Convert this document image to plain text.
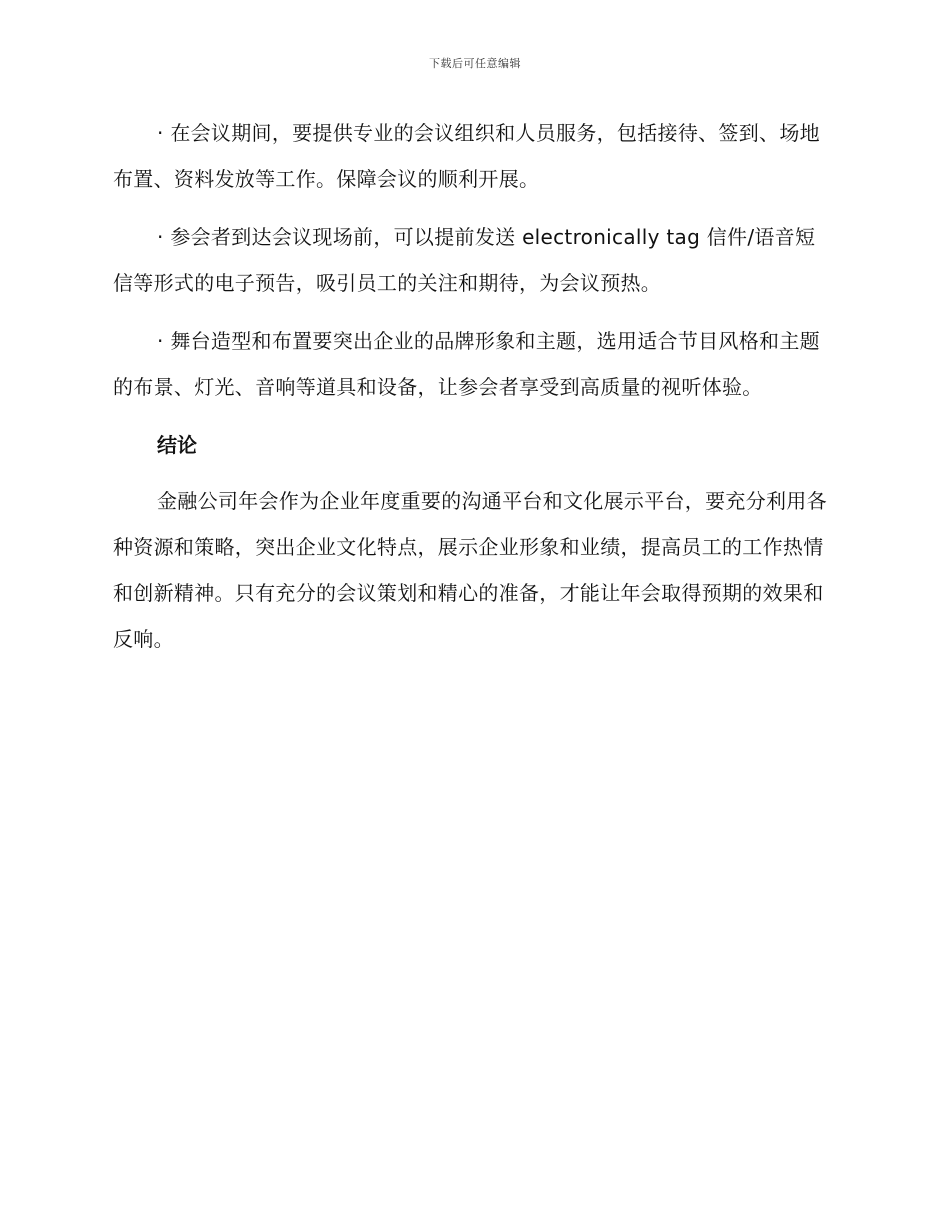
下载后可任意编辑

· 在会议期间，要提供专业的会议组织和人员服务，包括接待、签到、场地布置、资料发放等工作。保障会议的顺利开展。

· 参会者到达会议现场前，可以提前发送 electronically tag 信件/语音短信等形式的电子预告，吸引员工的关注和期待，为会议预热。

· 舞台造型和布置要突出企业的品牌形象和主题，选用适合节目风格和主题的布景、灯光、音响等道具和设备，让参会者享受到高质量的视听体验。

结论

金融公司年会作为企业年度重要的沟通平台和文化展示平台，要充分利用各种资源和策略，突出企业文化特点，展示企业形象和业绩，提高员工的工作热情和创新精神。只有充分的会议策划和精心的准备，才能让年会取得预期的效果和反响。
